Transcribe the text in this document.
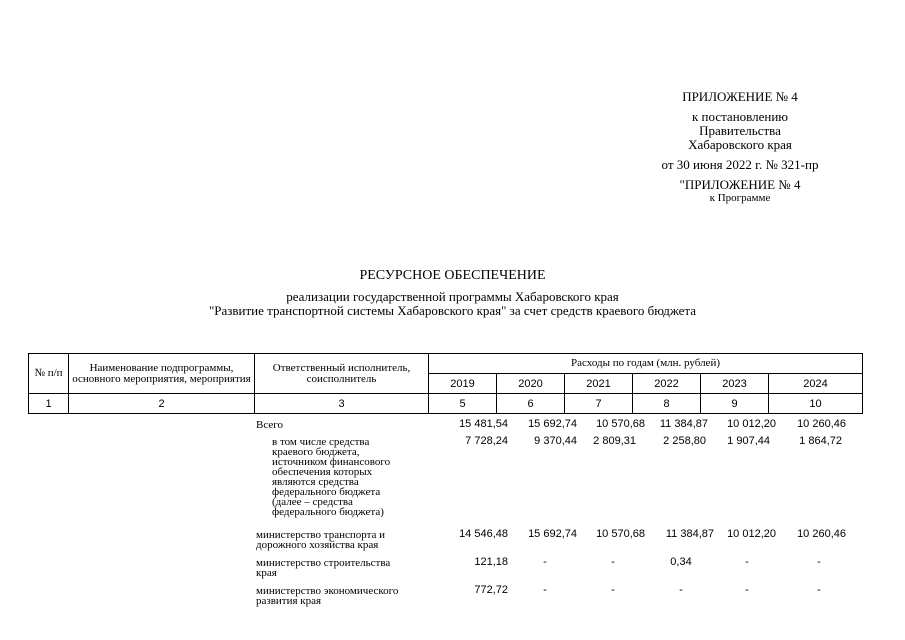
ПРИЛОЖЕНИЕ № 4
к постановлению
Правительства
Хабаровского края
от 30 июня 2022 г. № 321-пр
"ПРИЛОЖЕНИЕ № 4
к Программе
РЕСУРСНОЕ ОБЕСПЕЧЕНИЕ
реализации государственной программы Хабаровского края
"Развитие транспортной системы Хабаровского края" за счет средств краевого бюджета
№ п/п	Наименование подпрограммы, основного мероприятия, мероприятия	Ответственный исполнитель, соисполнитель	Расходы по годам (млн. рублей)					
			2019	2020	2021	2022	2023	2024
1	2	3	5	6	7	8	9	10
Всего	15 481,54	15 692,74	10 570,68	11 384,87	10 012,20	10 260,46
в том числе средства
краевого бюджета,
источником финансового
обеспечения которых
являются средства
федерального бюджета
(далее – средства
федерального бюджета)
7 728,24	9 370,44	2 809,31	2 258,80	1 907,44	1 864,72
министерство транспорта и
дорожного хозяйства края
14 546,48	15 692,74	10 570,68	11 384,87	10 012,20	10 260,46
министерство строительства
края
121,18	-	-	0,34	-	-
министерство экономического
развития края
772,72	-	-	-	-	-
